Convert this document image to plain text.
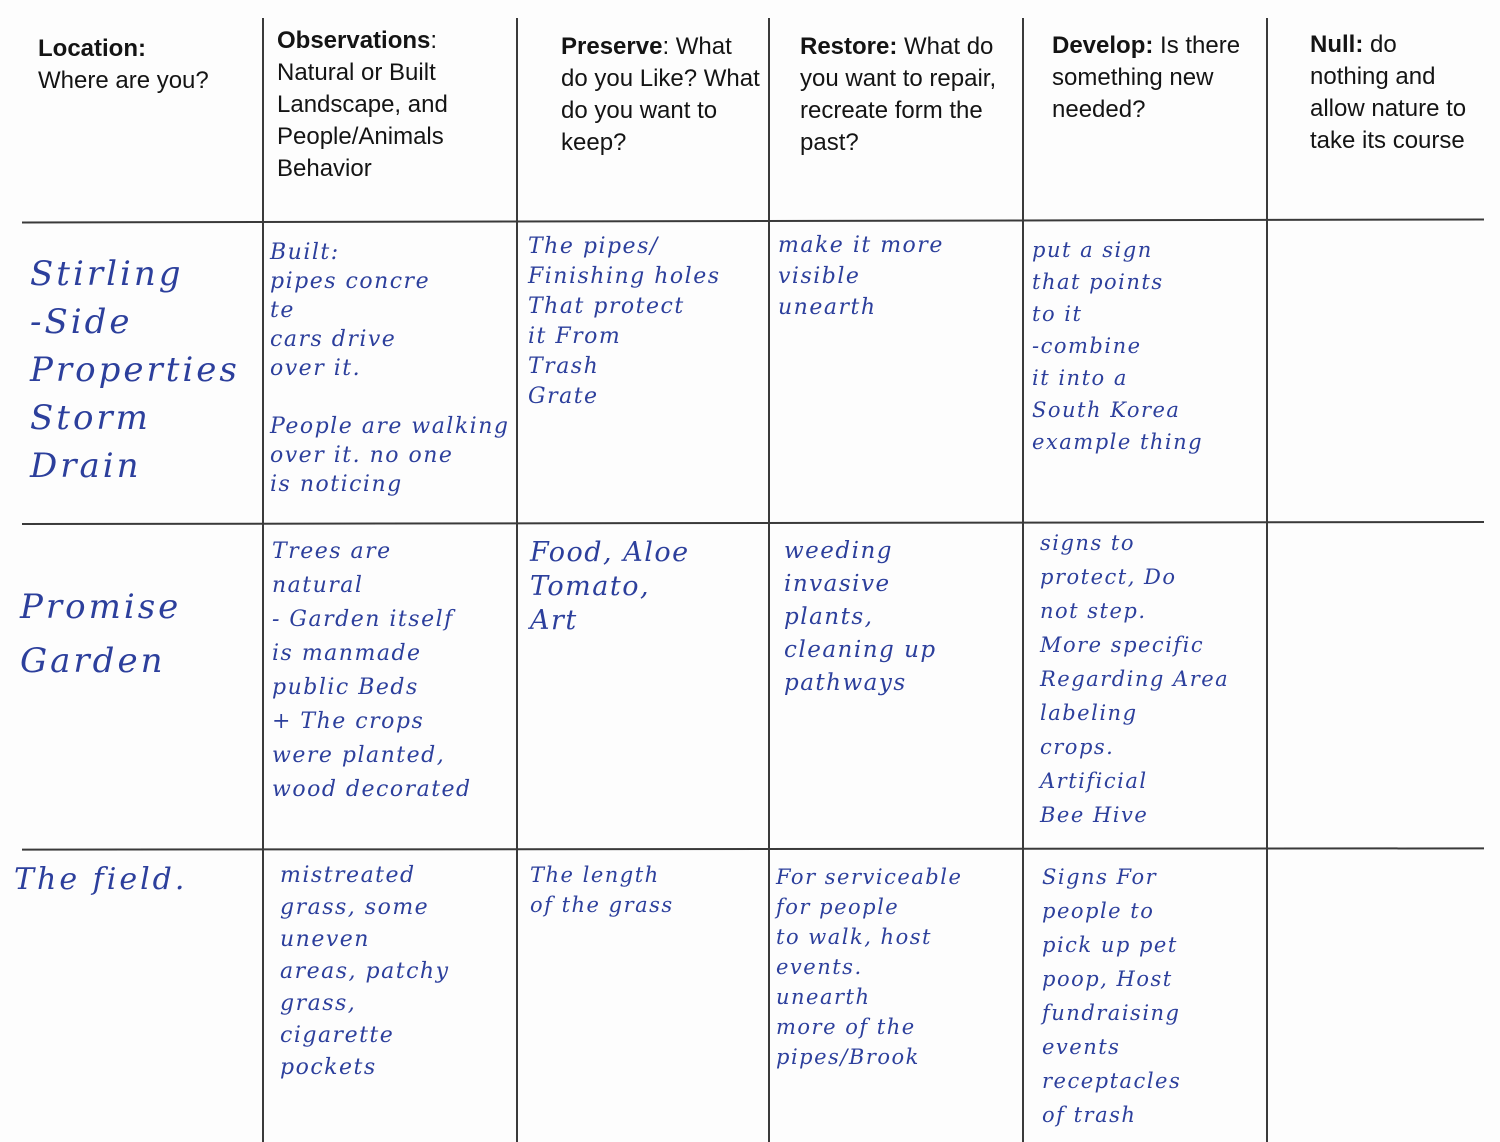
Location:
Where are you?
Observations: Natural or Built Landscape, and People/Animals Behavior
Preserve: What do you Like? What do you want to keep?
Restore: What do you want to repair, recreate form the past?
Develop: Is there something new needed?
Null: do nothing and allow nature to take its course
Stirling
-Side
Properties
Storm
Drain
Built:
pipes concre
te
cars drive
over it.

People are walking
over it. no one
is noticing
The pipes/
Finishing holes
That protect
it From
Trash
Grate
make it more
visible
unearth
put a sign
that points
to it
-combine
it into a
South Korea
example thing
Promise
Garden
Trees are
natural
- Garden itself
is manmade
public Beds
+ The crops
were planted,
wood decorated
Food, Aloe
Tomato,
Art
weeding
invasive
plants,
cleaning up
pathways
signs to
protect, Do
not step.
More specific
Regarding Area
labeling
crops.
Artificial
Bee Hive
The field.	mistreated
grass, some
uneven
areas, patchy
grass,
cigarette
pockets
The length
of the grass
For serviceable
for people
to walk, host
events.
unearth
more of the
pipes/Brook
Signs For
people to
pick up pet
poop, Host
fundraising
events
receptacles
of trash
